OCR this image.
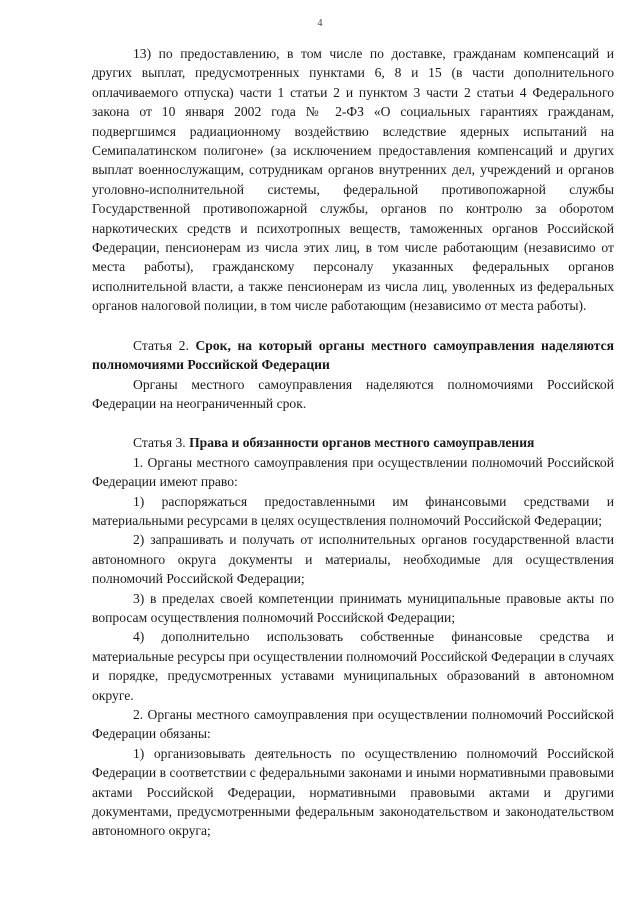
4

13) по предоставлению, в том числе по доставке, гражданам компенсаций и других выплат, предусмотренных пунктами 6, 8 и 15 (в части дополнительного оплачиваемого отпуска) части 1 статьи 2 и пунктом 3 части 2 статьи 4 Федерального закона от 10 января 2002 года № 2-ФЗ «О социальных гарантиях гражданам, подвергшимся радиационному воздействию вследствие ядерных испытаний на Семипалатинском полигоне» (за исключением предоставления компенсаций и других выплат военнослужащим, сотрудникам органов внутренних дел, учреждений и органов уголовно-исполнительной системы, федеральной противопожарной службы Государственной противопожарной службы, органов по контролю за оборотом наркотических средств и психотропных веществ, таможенных органов Российской Федерации, пенсионерам из числа этих лиц, в том числе работающим (независимо от места работы), гражданскому персоналу указанных федеральных органов исполнительной власти, а также пенсионерам из числа лиц, уволенных из федеральных органов налоговой полиции, в том числе работающим (независимо от места работы).

Статья 2. Срок, на который органы местного самоуправления наделяются полномочиями Российской Федерации

Органы местного самоуправления наделяются полномочиями Российской Федерации на неограниченный срок.

Статья 3. Права и обязанности органов местного самоуправления

1. Органы местного самоуправления при осуществлении полномочий Российской Федерации имеют право:

1) распоряжаться предоставленными им финансовыми средствами и материальными ресурсами в целях осуществления полномочий Российской Федерации;

2) запрашивать и получать от исполнительных органов государственной власти автономного округа документы и материалы, необходимые для осуществления полномочий Российской Федерации;

3) в пределах своей компетенции принимать муниципальные правовые акты по вопросам осуществления полномочий Российской Федерации;

4) дополнительно использовать собственные финансовые средства и материальные ресурсы при осуществлении полномочий Российской Федерации в случаях и порядке, предусмотренных уставами муниципальных образований в автономном округе.

2. Органы местного самоуправления при осуществлении полномочий Российской Федерации обязаны:

1) организовывать деятельность по осуществлению полномочий Российской Федерации в соответствии с федеральными законами и иными нормативными правовыми актами Российской Федерации, нормативными правовыми актами и другими документами, предусмотренными федеральным законодательством и законодательством автономного округа;
